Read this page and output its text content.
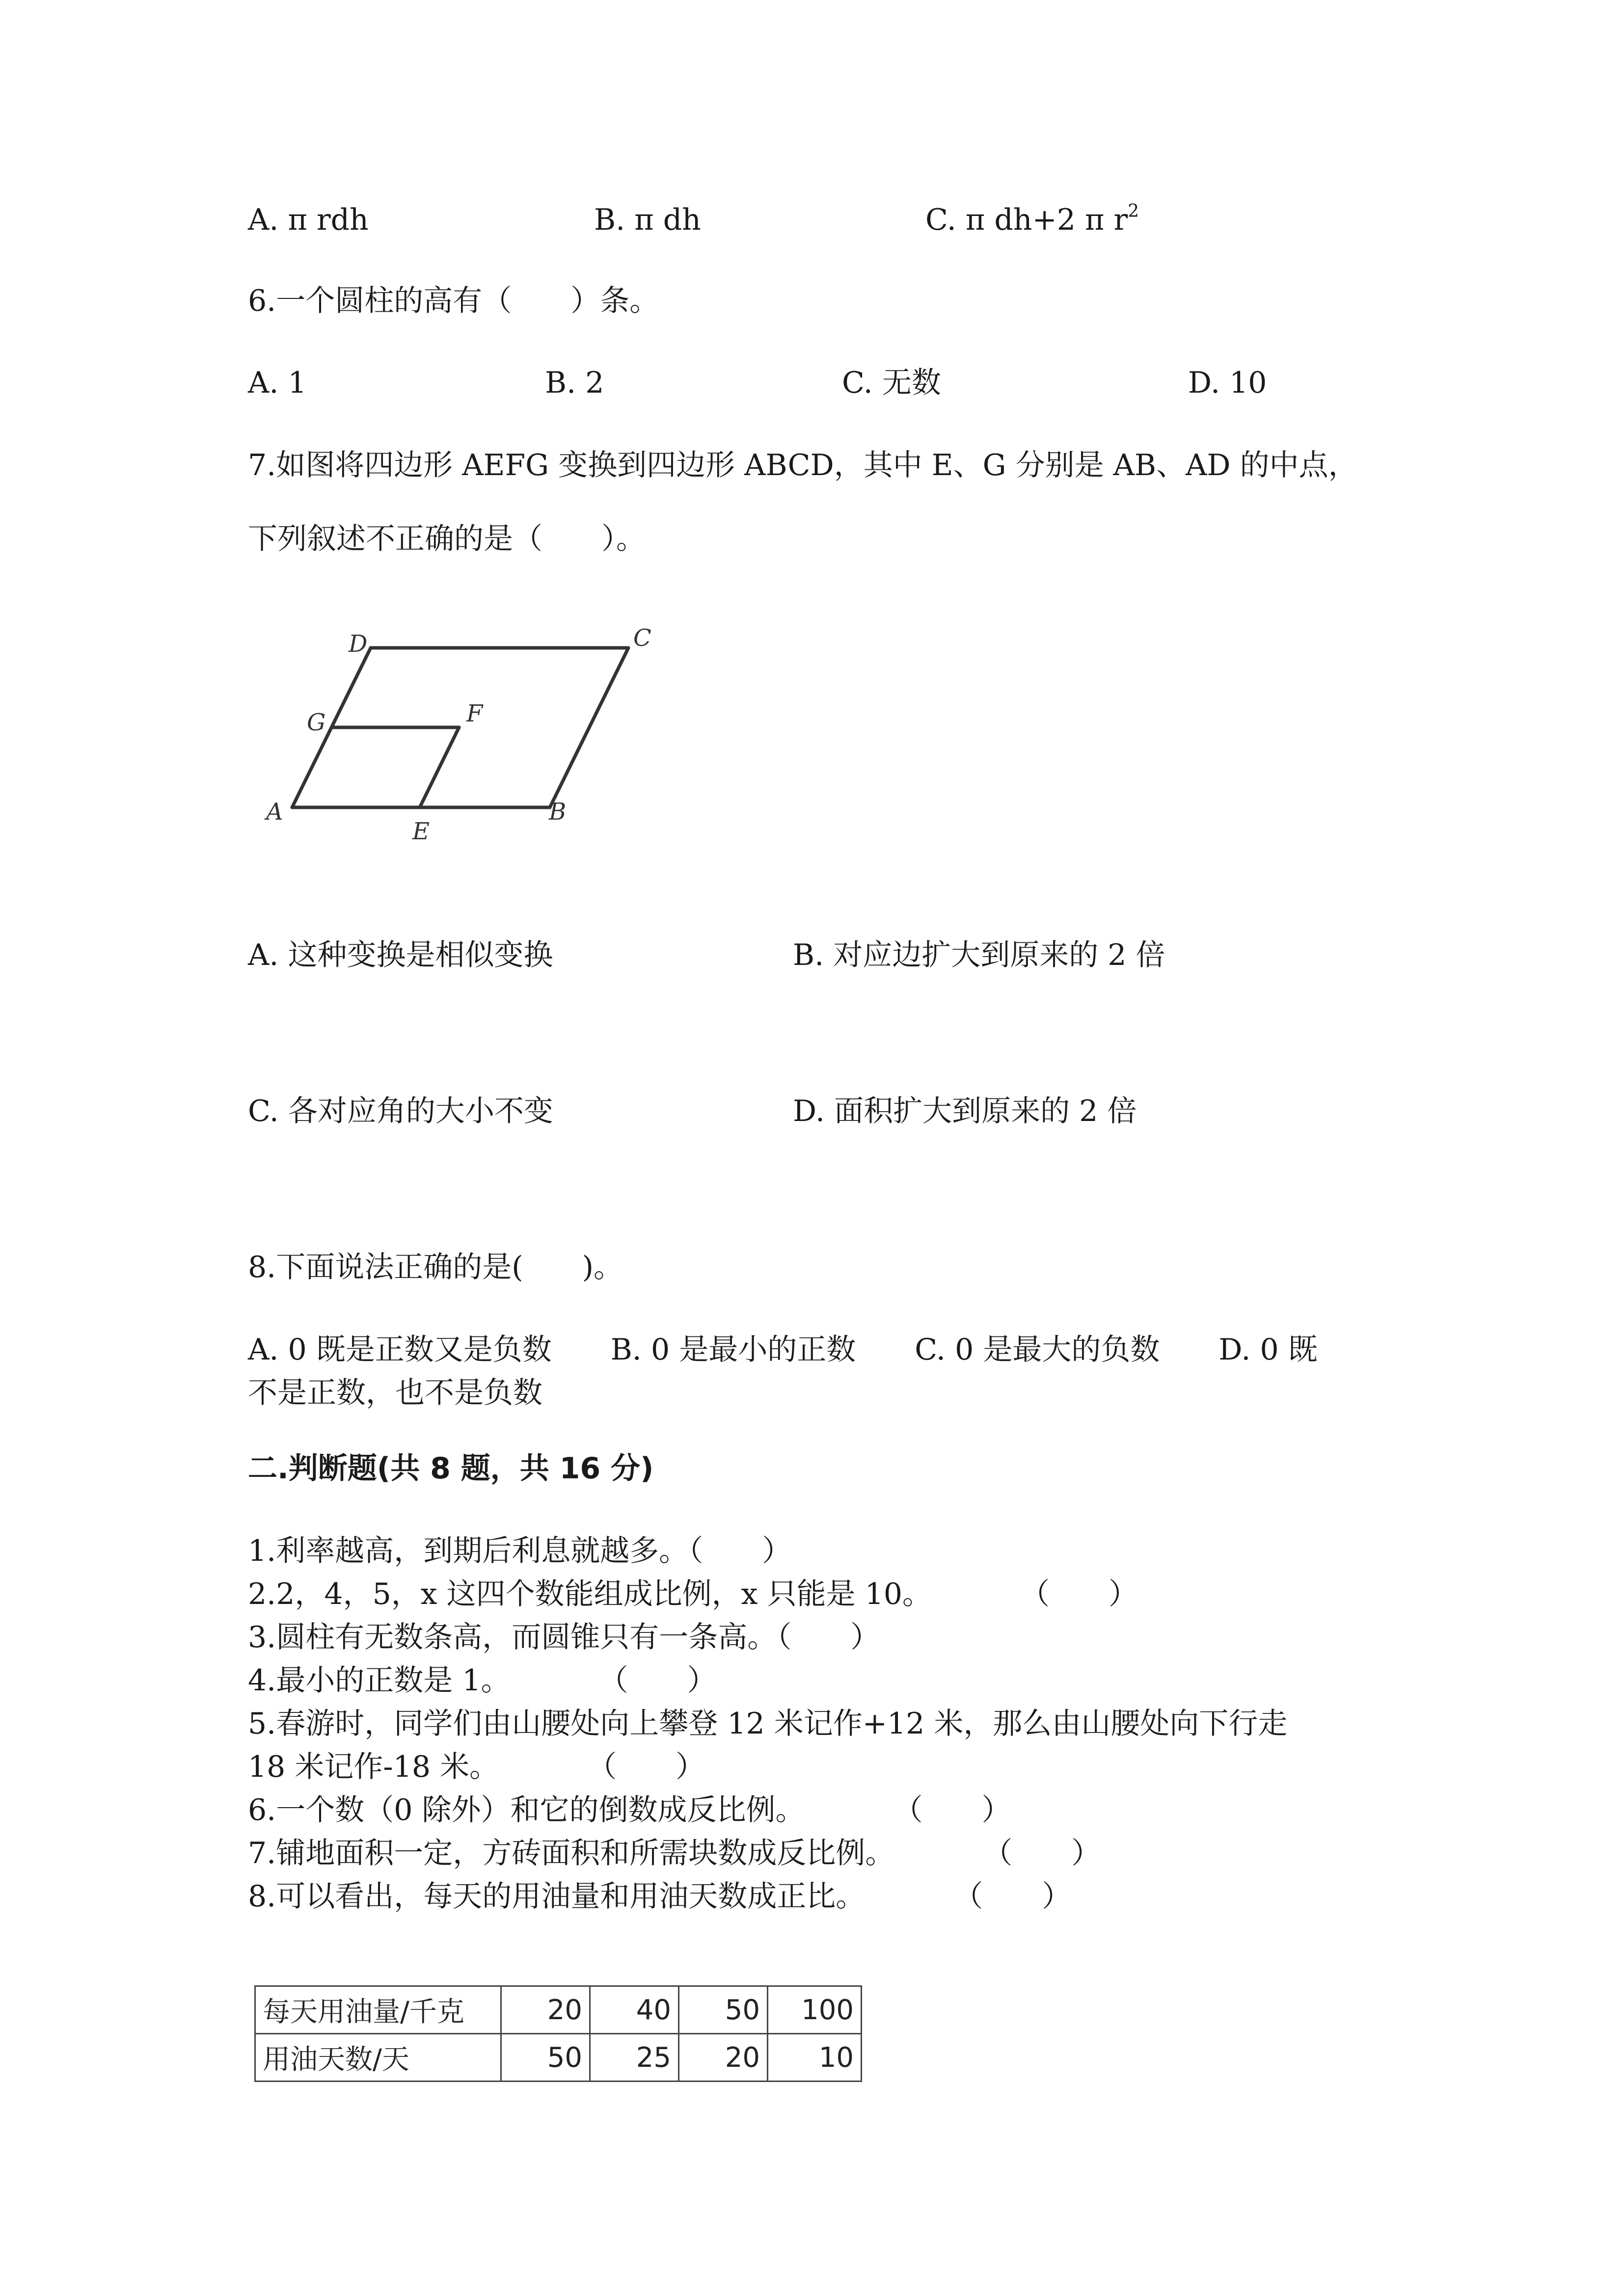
A. π rdh	B. π dh	C. π dh+2 π $r^2$
6.一个圆柱的高有（　　）条。
A. 1	B. 2	C. 无数	D. 10
7.如图将四边形 AEFG 变换到四边形 ABCD，其中 E、G 分别是 AB、AD 的中点，
下列叙述不正确的是（　　）。
A	B
C
D
E
F
G
A. 这种变换是相似变换	B. 对应边扩大到原来的 2 倍
C. 各对应角的大小不变	D. 面积扩大到原来的 2 倍
8.下面说法正确的是(　　)。
A. 0 既是正数又是负数　　B. 0 是最小的正数　　C. 0 是最大的负数　　D. 0 既
不是正数，也不是负数
二.判断题(共 8 题，共 16 分)
1.利率越高，到期后利息就越多。（　　）
2.2，4，5，x 这四个数能组成比例，x 只能是 10。　　　　（　　）
3.圆柱有无数条高，而圆锥只有一条高。（　　）
4.最小的正数是 1。　　　　（　　）
5.春游时，同学们由山腰处向上攀登 12 米记作+12 米，那么由山腰处向下行走
18 米记作-18 米。　　　　（　　）
6.一个数（0 除外）和它的倒数成反比例。　　　　（　　）
7.铺地面积一定，方砖面积和所需块数成反比例。　　　　（　　）
8.可以看出，每天的用油量和用油天数成正比。　　　　（　　）
每天用油量/千克	20	40	50	100
用油天数/天	50	25	20	10
